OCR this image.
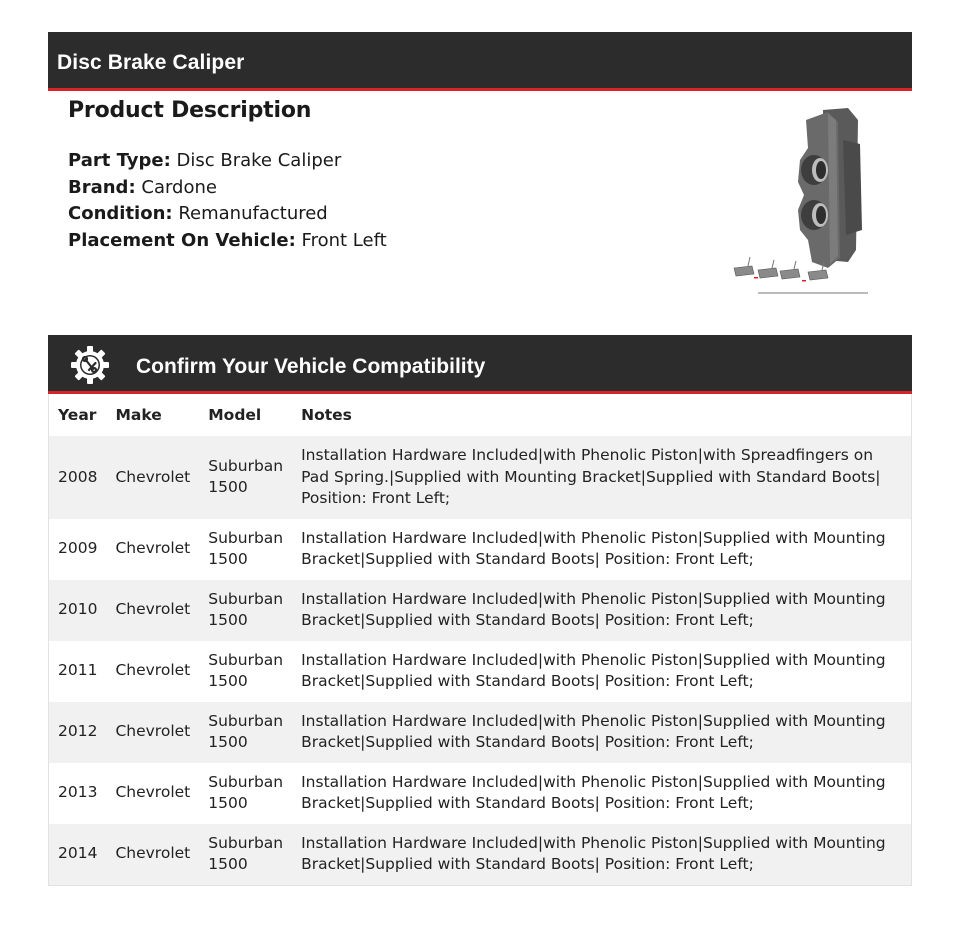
Disc Brake Caliper
Product Description
Part Type: Disc Brake Caliper
Brand: Cardone
Condition: Remanufactured
Placement On Vehicle: Front Left
Confirm Your Vehicle Compatibility
Year	Make	Model	Notes
2008	Chevrolet	Suburban 1500	Installation Hardware Included|with Phenolic Piston|with Spreadfingers on Pad Spring.|Supplied with Mounting Bracket|Supplied with Standard Boots| Position: Front Left;
2009	Chevrolet	Suburban 1500	Installation Hardware Included|with Phenolic Piston|Supplied with Mounting Bracket|Supplied with Standard Boots| Position: Front Left;
2010	Chevrolet	Suburban 1500	Installation Hardware Included|with Phenolic Piston|Supplied with Mounting Bracket|Supplied with Standard Boots| Position: Front Left;
2011	Chevrolet	Suburban 1500	Installation Hardware Included|with Phenolic Piston|Supplied with Mounting Bracket|Supplied with Standard Boots| Position: Front Left;
2012	Chevrolet	Suburban 1500	Installation Hardware Included|with Phenolic Piston|Supplied with Mounting Bracket|Supplied with Standard Boots| Position: Front Left;
2013	Chevrolet	Suburban 1500	Installation Hardware Included|with Phenolic Piston|Supplied with Mounting Bracket|Supplied with Standard Boots| Position: Front Left;
2014	Chevrolet	Suburban 1500	Installation Hardware Included|with Phenolic Piston|Supplied with Mounting Bracket|Supplied with Standard Boots| Position: Front Left;
